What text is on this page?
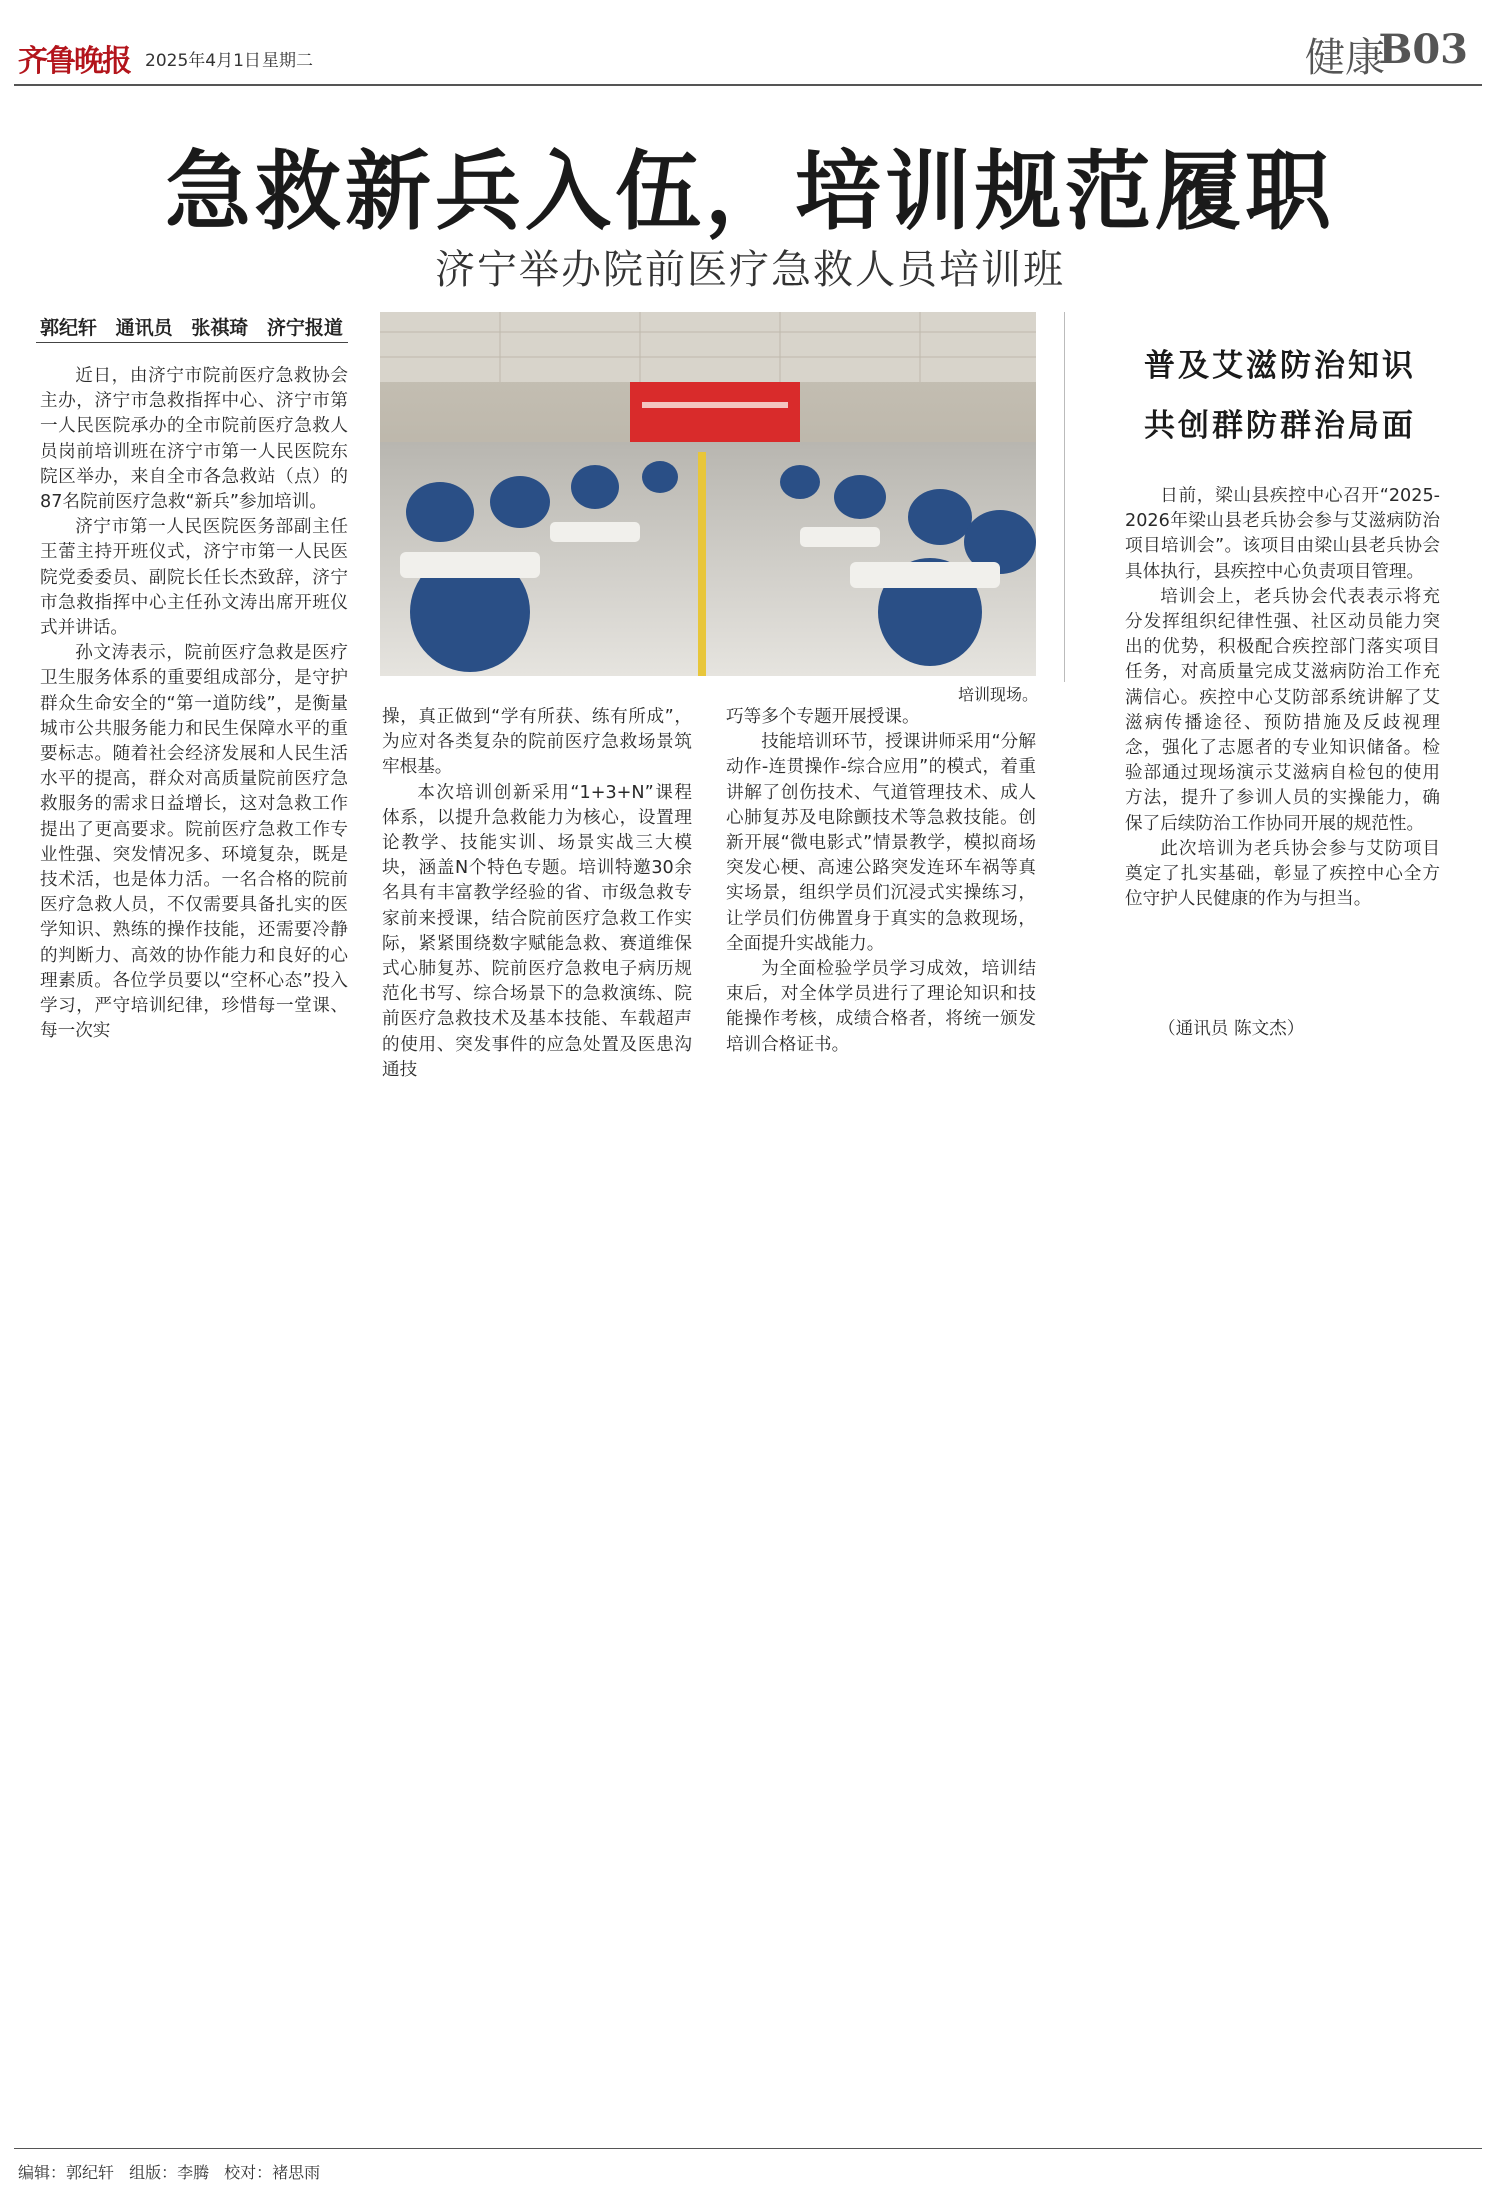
齐鲁晚报 2025年4月1日 星期二	健康
B03
急救新兵入伍，培训规范履职
济宁举办院前医疗急救人员培训班
郭纪轩 通讯员 张祺琦 济宁报道

近日，由济宁市院前医疗急救协会主办，济宁市急救指挥中心、济宁市第一人民医院承办的全市院前医疗急救人员岗前培训班在济宁市第一人民医院东院区举办，来自全市各急救站（点）的87名院前医疗急救“新兵”参加培训。

济宁市第一人民医院医务部副主任王蕾主持开班仪式，济宁市第一人民医院党委委员、副院长任长杰致辞，济宁市急救指挥中心主任孙文涛出席开班仪式并讲话。

孙文涛表示，院前医疗急救是医疗卫生服务体系的重要组成部分，是守护群众生命安全的“第一道防线”，是衡量城市公共服务能力和民生保障水平的重要标志。随着社会经济发展和人民生活水平的提高，群众对高质量院前医疗急救服务的需求日益增长，这对急救工作提出了更高要求。院前医疗急救工作专业性强、突发情况多、环境复杂，既是技术活，也是体力活。一名合格的院前医疗急救人员，不仅需要具备扎实的医学知识、熟练的操作技能，还需要冷静的判断力、高效的协作能力和良好的心理素质。各位学员要以“空杯心态”投入学习，严守培训纪律，珍惜每一堂课、每一次实

培训现场。

操，真正做到“学有所获、练有所成”，为应对各类复杂的院前医疗急救场景筑牢根基。

本次培训创新采用“1+3+N”课程体系，以提升急救能力为核心，设置理论教学、技能实训、场景实战三大模块，涵盖N个特色专题。培训特邀30余名具有丰富教学经验的省、市级急救专家前来授课，结合院前医疗急救工作实际，紧紧围绕数字赋能急救、赛道维保式心肺复苏、院前医疗急救电子病历规范化书写、综合场景下的急救演练、院前医疗急救技术及基本技能、车载超声的使用、突发事件的应急处置及医患沟通技

巧等多个专题开展授课。

技能培训环节，授课讲师采用“分解动作-连贯操作-综合应用”的模式，着重讲解了创伤技术、气道管理技术、成人心肺复苏及电除颤技术等急救技能。创新开展“微电影式”情景教学，模拟商场突发心梗、高速公路突发连环车祸等真实场景，组织学员们沉浸式实操练习，让学员们仿佛置身于真实的急救现场，全面提升实战能力。

为全面检验学员学习成效，培训结束后，对全体学员进行了理论知识和技能操作考核，成绩合格者，将统一颁发培训合格证书。

普及艾滋防治知识
共创群防群治局面

日前，梁山县疾控中心召开“2025-2026年梁山县老兵协会参与艾滋病防治项目培训会”。该项目由梁山县老兵协会具体执行，县疾控中心负责项目管理。

培训会上，老兵协会代表表示将充分发挥组织纪律性强、社区动员能力突出的优势，积极配合疾控部门落实项目任务，对高质量完成艾滋病防治工作充满信心。疾控中心艾防部系统讲解了艾滋病传播途径、预防措施及反歧视理念，强化了志愿者的专业知识储备。检验部通过现场演示艾滋病自检包的使用方法，提升了参训人员的实操能力，确保了后续防治工作协同开展的规范性。

此次培训为老兵协会参与艾防项目奠定了扎实基础，彰显了疾控中心全方位守护人民健康的作为与担当。

（通讯员 陈文杰）
编辑：郭纪轩 组版：李腾 校对：褚思雨
